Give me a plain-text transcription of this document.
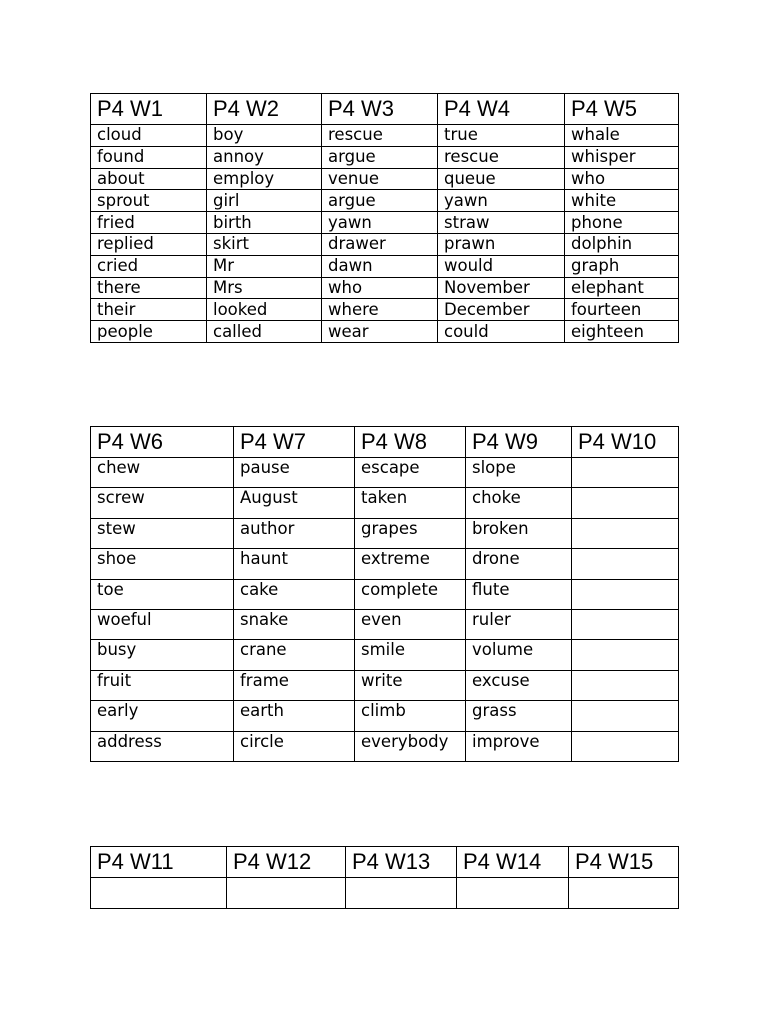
P4 W1	P4 W2	P4 W3	P4 W4	P4 W5
cloud	boy	rescue	true	whale
found	annoy	argue	rescue	whisper
about	employ	venue	queue	who
sprout	girl	argue	yawn	white
fried	birth	yawn	straw	phone
replied	skirt	drawer	prawn	dolphin
cried	Mr	dawn	would	graph
there	Mrs	who	November	elephant
their	looked	where	December	fourteen
people	called	wear	could	eighteen
P4 W6	P4 W7	P4 W8	P4 W9	P4 W10
chew	pause	escape	slope	
screw	August	taken	choke	
stew	author	grapes	broken	
shoe	haunt	extreme	drone	
toe	cake	complete	flute	
woeful	snake	even	ruler	
busy	crane	smile	volume	
fruit	frame	write	excuse	
early	earth	climb	grass	
address	circle	everybody	improve	
P4 W11	P4 W12	P4 W13	P4 W14	P4 W15
